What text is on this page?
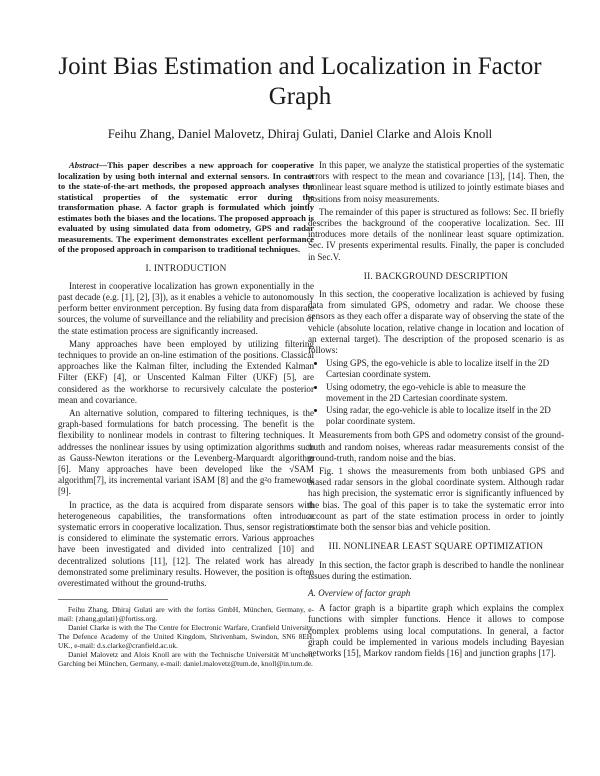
Joint Bias Estimation and Localization in Factor Graph
Feihu Zhang, Daniel Malovetz, Dhiraj Gulati, Daniel Clarke and Alois Knoll

Abstract—This paper describes a new approach for cooperative localization by using both internal and external sensors. In contrast to the state-of-the-art methods, the proposed approach analyses the statistical properties of the systematic error during the transformation phase. A factor graph is formulated which jointly estimates both the biases and the locations. The proposed approach is evaluated by using simulated data from odometry, GPS and radar measurements. The experiment demonstrates excellent performance of the proposed approach in comparison to traditional techniques.

I. INTRODUCTION

Interest in cooperative localization has grown exponentially in the past decade (e.g. [1], [2], [3]), as it enables a vehicle to autonomously perform better environment perception. By fusing data from disparate sources, the volume of surveillance and the reliability and precision of the state estimation process are significantly increased.

Many approaches have been employed by utilizing filtering techniques to provide an on-line estimation of the positions. Classical approaches like the Kalman filter, including the Extended Kalman Filter (EKF) [4], or Unscented Kalman Filter (UKF) [5], are considered as the workhorse to recursively calculate the posterior mean and covariance.

An alternative solution, compared to filtering techniques, is the graph-based formulations for batch processing. The benefit is the flexibility to nonlinear models in contrast to filtering techniques. It addresses the nonlinear issues by using optimization algorithms such as Gauss-Newton iterations or the Levenberg-Marquardt algorithm [6]. Many approaches have been developed like the √SAM algorithm[7], its incremental variant iSAM [8] and the g²o framework [9].

In practice, as the data is acquired from disparate sensors with heterogeneous capabilities, the transformations often introduce systematic errors in cooperative localization. Thus, sensor registration is considered to eliminate the systematic errors. Various approaches have been investigated and divided into centralized [10] and decentralized solutions [11], [12]. The related work has already demonstrated some preliminary results. However, the position is often overestimated without the ground-truths.

Feihu Zhang, Dhiraj Gulati are with the fortiss GmbH, München, Germany, e-mail: {zhang,gulati}@fortiss.org.

Daniel Clarke is with the The Centre for Electronic Warfare, Cranfield University, The Defence Academy of the United Kingdom, Shrivenham, Swindon, SN6 8EH, UK., e-mail: d.s.clarke@cranfield.ac.uk.

Daniel Malovetz and Alois Knoll are with the Technische Universität M¨unchen, Garching bei München, Germany, e-mail: daniel.malovetz@tum.de, knoll@in.tum.de.

In this paper, we analyze the statistical properties of the systematic errors with respect to the mean and covariance [13], [14]. Then, the nonlinear least square method is utilized to jointly estimate biases and positions from noisy measurements.

The remainder of this paper is structured as follows: Sec. II briefly describes the background of the cooperative localization. Sec. III introduces more details of the nonlinear least square optimization. Sec. IV presents experimental results. Finally, the paper is concluded in Sec.V.

II. BACKGROUND DESCRIPTION

In this section, the cooperative localization is achieved by fusing data from simulated GPS, odometry and radar. We choose these sensors as they each offer a disparate way of observing the state of the vehicle (absolute location, relative change in location and location of an external target). The description of the proposed scenario is as follows:

• Using GPS, the ego-vehicle is able to localize itself in the 2D Cartesian coordinate system.
• Using odometry, the ego-vehicle is able to measure the movement in the 2D Cartesian coordinate system.
• Using radar, the ego-vehicle is able to localize itself in the 2D polar coordinate system.

Measurements from both GPS and odometry consist of the ground-truth and random noises, whereas radar measurements consist of the ground-truth, random noise and the bias.

Fig. 1 shows the measurements from both unbiased GPS and biased radar sensors in the global coordinate system. Although radar has high precision, the systematic error is significantly influenced by the bias. The goal of this paper is to take the systematic error into account as part of the state estimation process in order to jointly estimate both the sensor bias and vehicle position.

III. NONLINEAR LEAST SQUARE OPTIMIZATION

In this section, the factor graph is described to handle the nonlinear issues during the estimation.

A. Overview of factor graph

A factor graph is a bipartite graph which explains the complex functions with simpler functions. Hence it allows to compose complex problems using local computations. In general, a factor graph could be implemented in various models including Bayesian networks [15], Markov random fields [16] and junction graphs [17].
